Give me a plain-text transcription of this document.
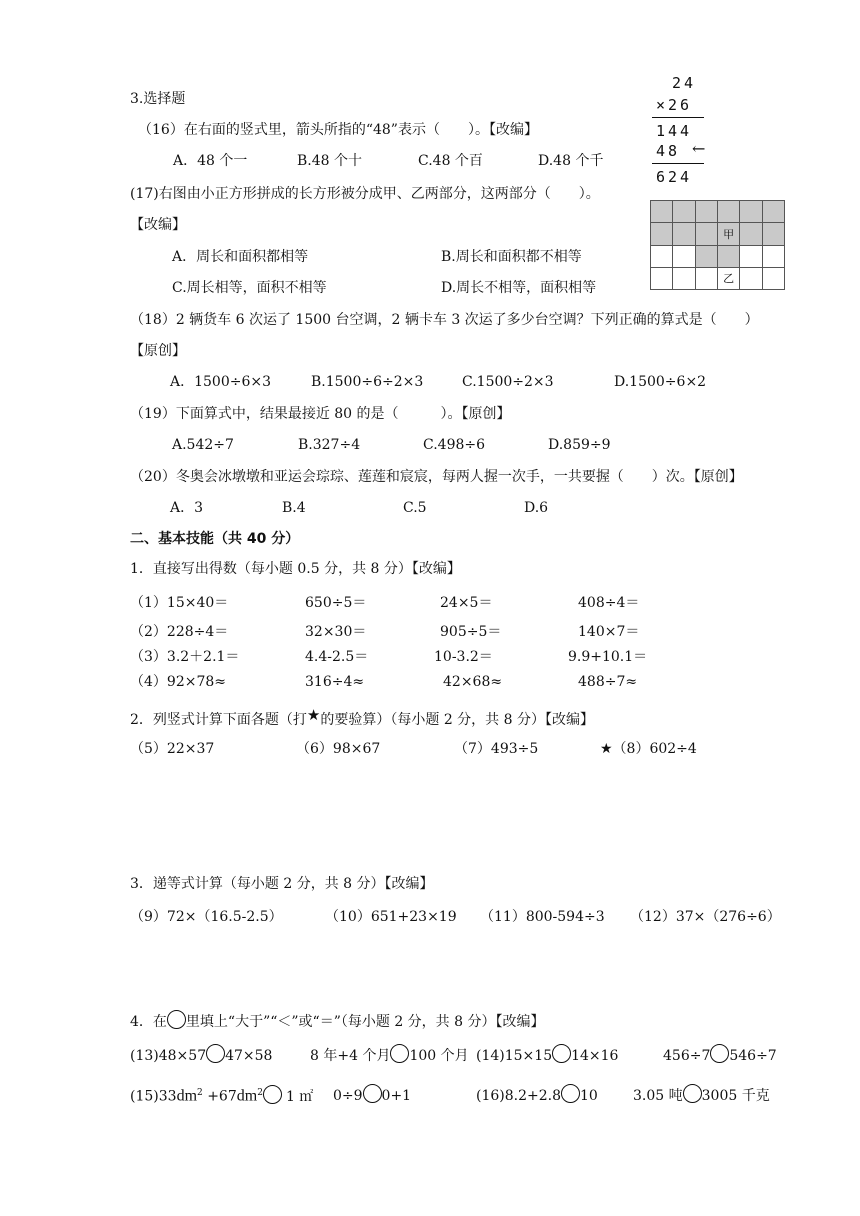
3.选择题
（16）在右面的竖式里，箭头所指的“48”表示（　　）。【改编】
A．48 个一	B.48 个十	C.48 个百	D.48 个千
24
×26
144
48 ←
624
(17)右图由小正方形拼成的长方形被分成甲、乙两部分，这两部分（　　）。
【改编】
A．周长和面积都相等	B.周长和面积都不相等
C.周长相等，面积不相等	D.周长不相等，面积相等

			甲		

			乙		
（18）2 辆货车 6 次运了 1500 台空调，2 辆卡车 3 次运了多少台空调？下列正确的算式是（　　）
【原创】
A．1500÷6×3	B.1500÷6÷2×3	C.1500÷2×3	D.1500÷6×2
（19）下面算式中，结果最接近 80 的是（　　　）。【原创】
A.542÷7	B.327÷4	C.498÷6	D.859÷9
（20）冬奥会冰墩墩和亚运会琮琮、莲莲和宸宸，每两人握一次手，一共要握（　　）次。【原创】
A．3	B.4	C.5	D.6
二、基本技能（共 40 分）
1．直接写出得数（每小题 0.5 分，共 8 分）【改编】
（1）15×40＝	650÷5＝	24×5＝	408÷4＝
（2）228÷4＝	32×30＝	905÷5＝	140×7＝
（3）3.2＋2.1＝	4.4-2.5＝	10-3.2＝	9.9+10.1＝
（4）92×78≈	316÷4≈	42×68≈	488÷7≈
2．列竖式计算下面各题（打★的要验算）（每小题 2 分，共 8 分）【改编】
（5）22×37	（6）98×67	（7）493÷5	★（8）602÷4
3．递等式计算（每小题 2 分，共 8 分）【改编】
（9）72×（16.5-2.5）	（10）651+23×19 （11）800-594÷3 （12）37×（276÷6）
4．在 里填上“大于”“＜”或“＝”（每小题 2 分，共 8 分）【改编】
(13)48×57 47×58	8 年+4 个月 100 个月 (14)15×15 14×16	456÷7 546÷7
$(15)33dm^2 +67dm^2$ 1 ㎡ 0÷9 0+1	(16)8.2+2.8 10	3.05 吨 3005 千克
